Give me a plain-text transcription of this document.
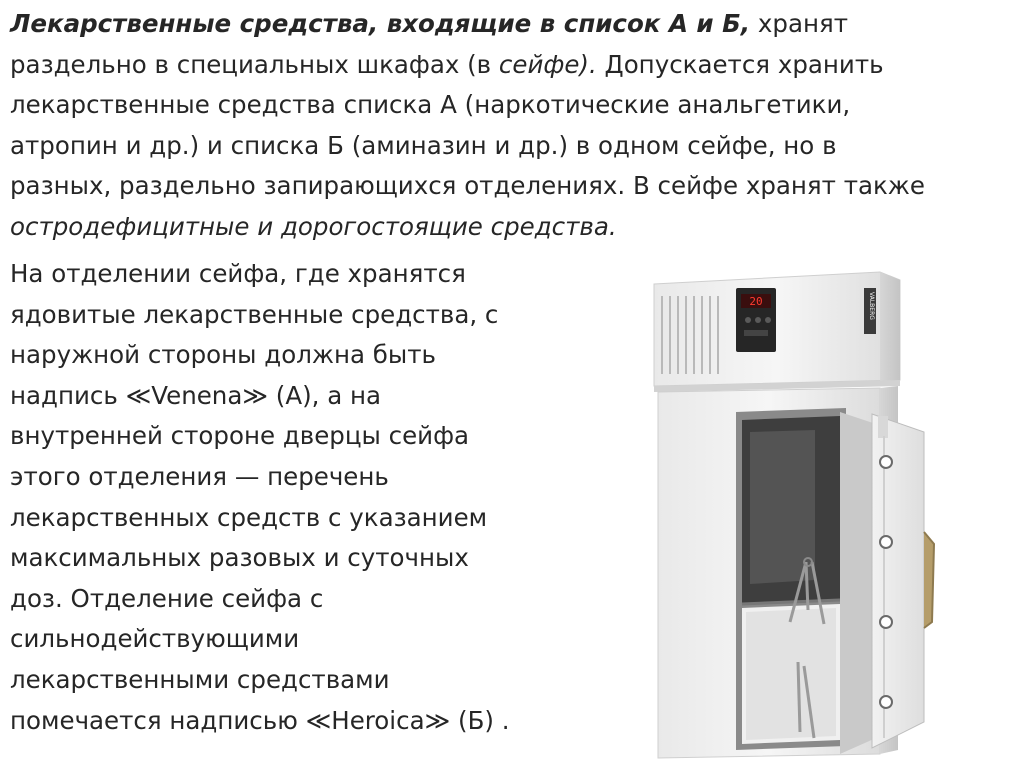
Лекарственные средства, входящие в список А и Б, хранят
раздельно в специальных шкафах (в сейфе). Допускается хранить
лекарственные средства списка А (наркотические анальгетики,
атропин и др.) и списка Б (аминазин и др.) в одном сейфе, но в
разных, раздельно запирающихся отделениях. В сейфе хранят также
остродефицитные и дорогостоящие средства.

На отделении сейфа, где хранятся
ядовитые лекарственные средства, с
наружной стороны должна быть
надпись ≪Venena≫ (А), а на
внутренней стороне дверцы сейфа
этого отделения — перечень
лекарственных средств с указанием
максимальных разовых и суточных
доз. Отделение сейфа с
сильнодействующими
лекарственными средствами
помечается надписью ≪Heroica≫ (Б) .

20	VALBERG
